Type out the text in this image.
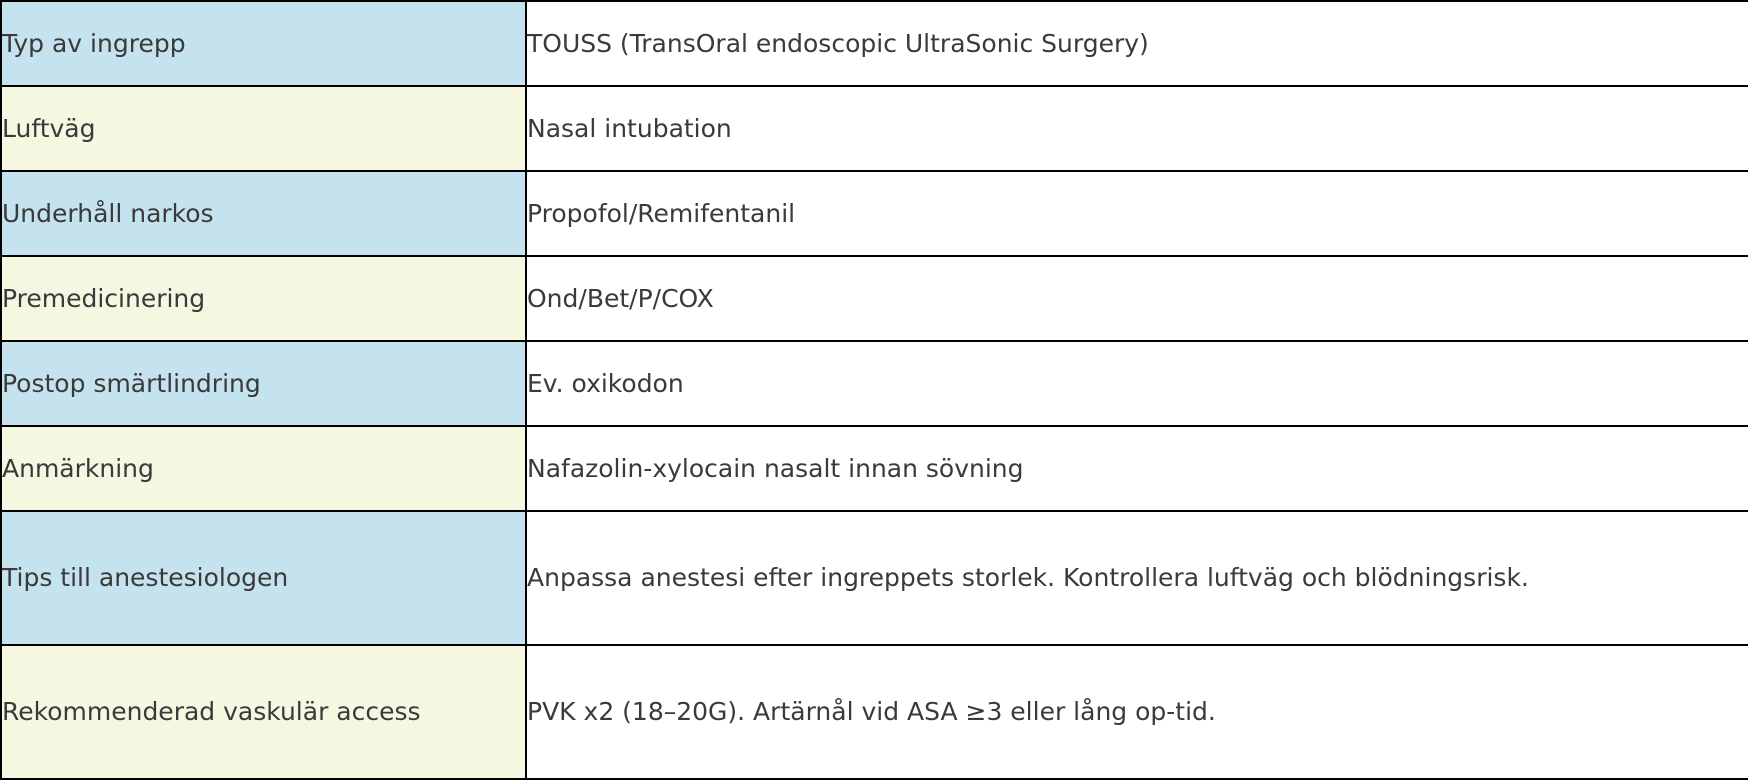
Typ av ingrepp	TOUSS (TransOral endoscopic UltraSonic Surgery)
Luftväg	Nasal intubation
Underhåll narkos	Propofol/Remifentanil
Premedicinering	Ond/Bet/P/COX
Postop smärtlindring	Ev. oxikodon
Anmärkning	Nafazolin-xylocain nasalt innan sövning
Tips till anestesiologen	Anpassa anestesi efter ingreppets storlek. Kontrollera luftväg och blödningsrisk.
Rekommenderad vaskulär access	PVK x2 (18–20G). Artärnål vid ASA ≥3 eller lång op-tid.
